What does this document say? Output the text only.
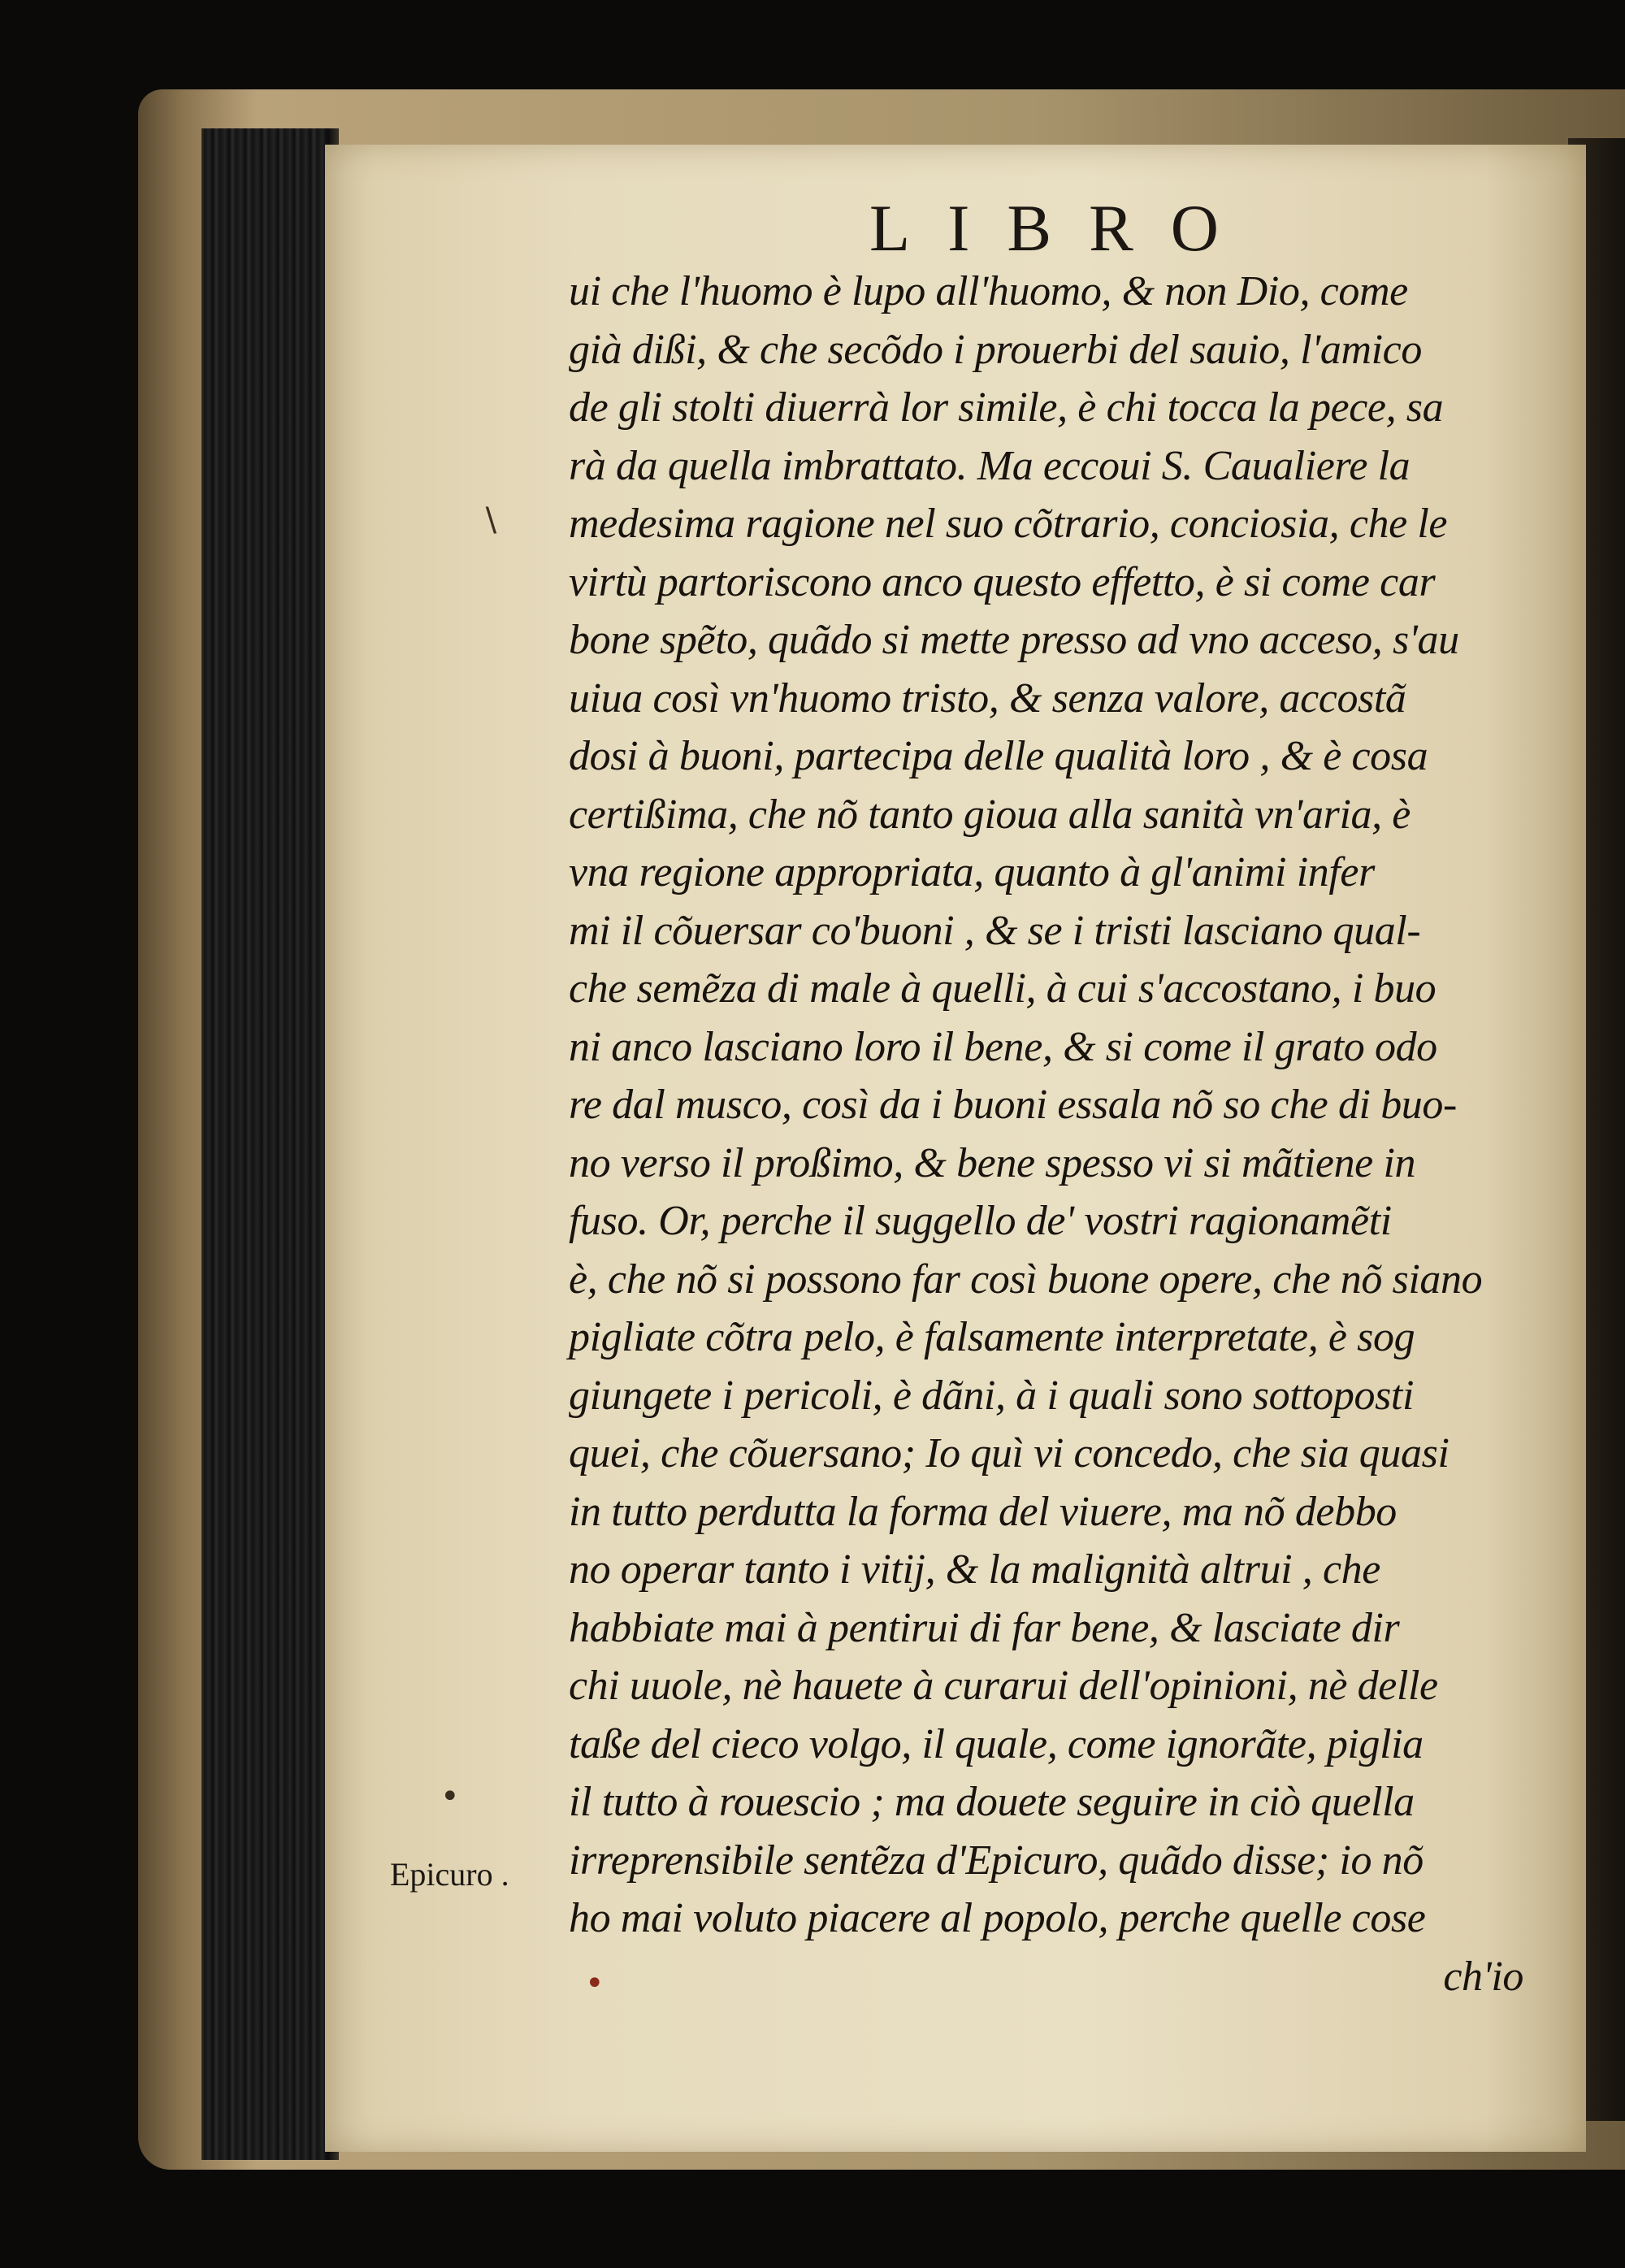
LIBRO
ui che l'huomo è lupo all'huomo, & non Dio, come
già dißi, & che secõdo i prouerbi del sauio, l'amico
de gli stolti diuerrà lor simile, è chi tocca la pece, sa
rà da quella imbrattato. Ma eccoui S. Caualiere la
medesima ragione nel suo cõtrario, conciosia, che le
virtù partoriscono anco questo effetto, è si come car
bone spẽto, quãdo si mette presso ad vno acceso, s'au
uiua così vn'huomo tristo, & senza valore, accostã
dosi à buoni, partecipa delle qualità loro , & è cosa
certißima, che nõ tanto gioua alla sanità vn'aria, è
vna regione appropriata, quanto à gl'animi infer
mi il cõuersar co'buoni , & se i tristi lasciano qual-
che semẽza di male à quelli, à cui s'accostano, i buo
ni anco lasciano loro il bene, & si come il grato odo
re dal musco, così da i buoni essala nõ so che di buo-
no verso il proßimo, & bene spesso vi si mãtiene in
fuso. Or, perche il suggello de' vostri ragionamẽti
è, che nõ si possono far così buone opere, che nõ siano
pigliate cõtra pelo, è falsamente interpretate, è sog
giungete i pericoli, è dãni, à i quali sono sottoposti
quei, che cõuersano; Io quì vi concedo, che sia quasi
in tutto perdutta la forma del viuere, ma nõ debbo
no operar tanto i vitij, & la malignità altrui , che
habbiate mai à pentirui di far bene, & lasciate dir
chi uuole, nè hauete à curarui dell'opinioni, nè delle
taße del cieco volgo, il quale, come ignorãte, piglia
il tutto à rouescio ; ma douete seguire in ciò quella
irreprensibile sentẽza d'Epicuro, quãdo disse; io nõ
ho mai voluto piacere al popolo, perche quelle cose
ch'io
Epicuro .
∖
•
•
